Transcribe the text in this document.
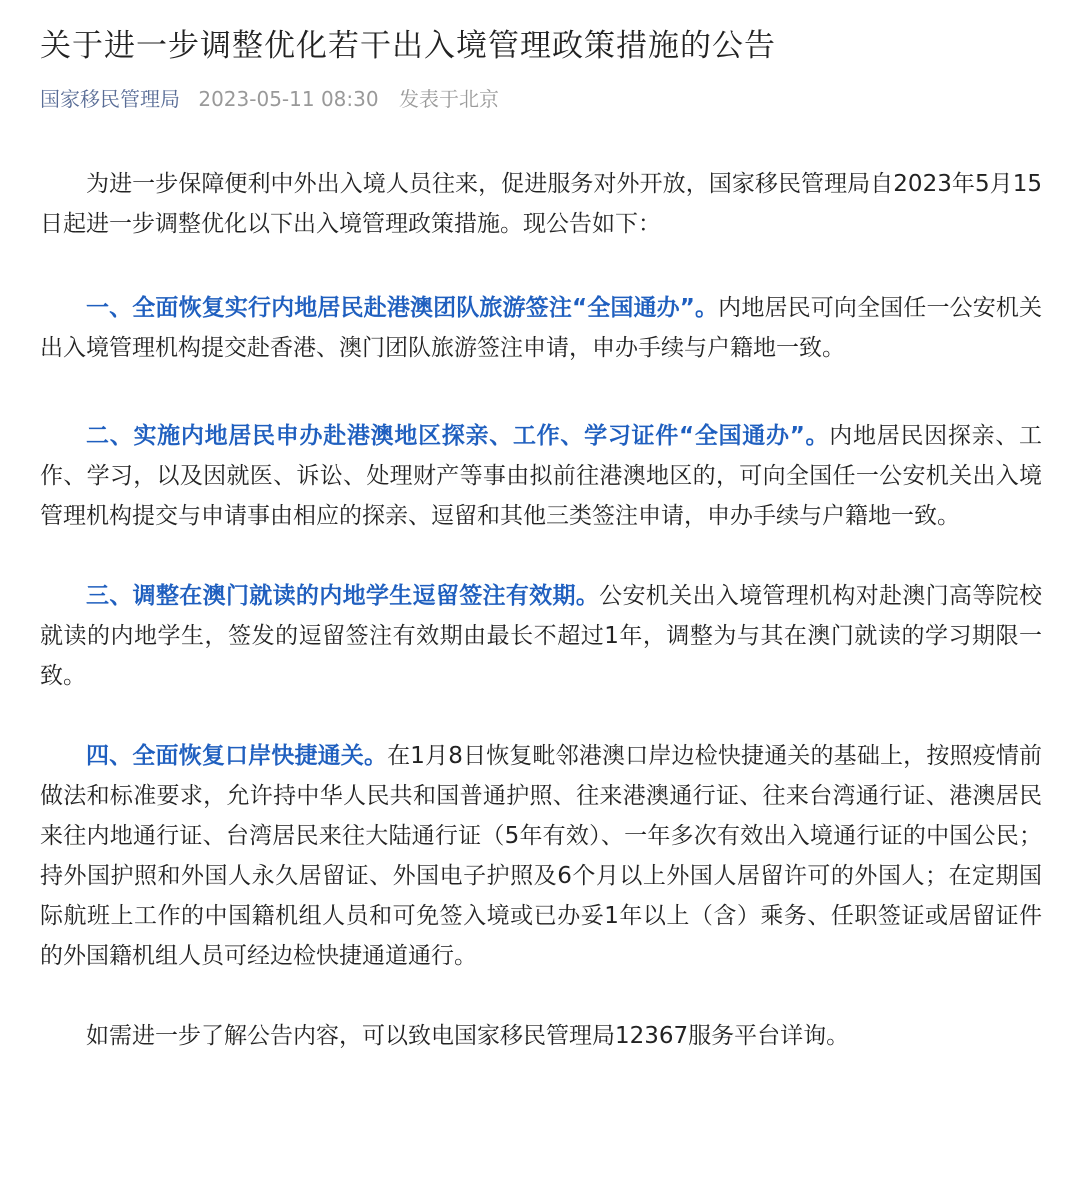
关于进一步调整优化若干出入境管理政策措施的公告
国家移民管理局 2023-05-11 08:30 发表于北京

为进一步保障便利中外出入境人员往来，促进服务对外开放，国家移民管理局自2023年5月15日起进一步调整优化以下出入境管理政策措施。现公告如下：

一、全面恢复实行内地居民赴港澳团队旅游签注“全国通办”。内地居民可向全国任一公安机关出入境管理机构提交赴香港、澳门团队旅游签注申请，申办手续与户籍地一致。

二、实施内地居民申办赴港澳地区探亲、工作、学习证件“全国通办”。内地居民因探亲、工作、学习，以及因就医、诉讼、处理财产等事由拟前往港澳地区的，可向全国任一公安机关出入境管理机构提交与申请事由相应的探亲、逗留和其他三类签注申请，申办手续与户籍地一致。

三、调整在澳门就读的内地学生逗留签注有效期。公安机关出入境管理机构对赴澳门高等院校就读的内地学生，签发的逗留签注有效期由最长不超过1年，调整为与其在澳门就读的学习期限一致。

四、全面恢复口岸快捷通关。在1月8日恢复毗邻港澳口岸边检快捷通关的基础上，按照疫情前做法和标准要求，允许持中华人民共和国普通护照、往来港澳通行证、往来台湾通行证、港澳居民来往内地通行证、台湾居民来往大陆通行证（5年有效）、一年多次有效出入境通行证的中国公民；持外国护照和外国人永久居留证、外国电子护照及6个月以上外国人居留许可的外国人；在定期国际航班上工作的中国籍机组人员和可免签入境或已办妥1年以上（含）乘务、任职签证或居留证件的外国籍机组人员可经边检快捷通道通行。

如需进一步了解公告内容，可以致电国家移民管理局12367服务平台详询。
